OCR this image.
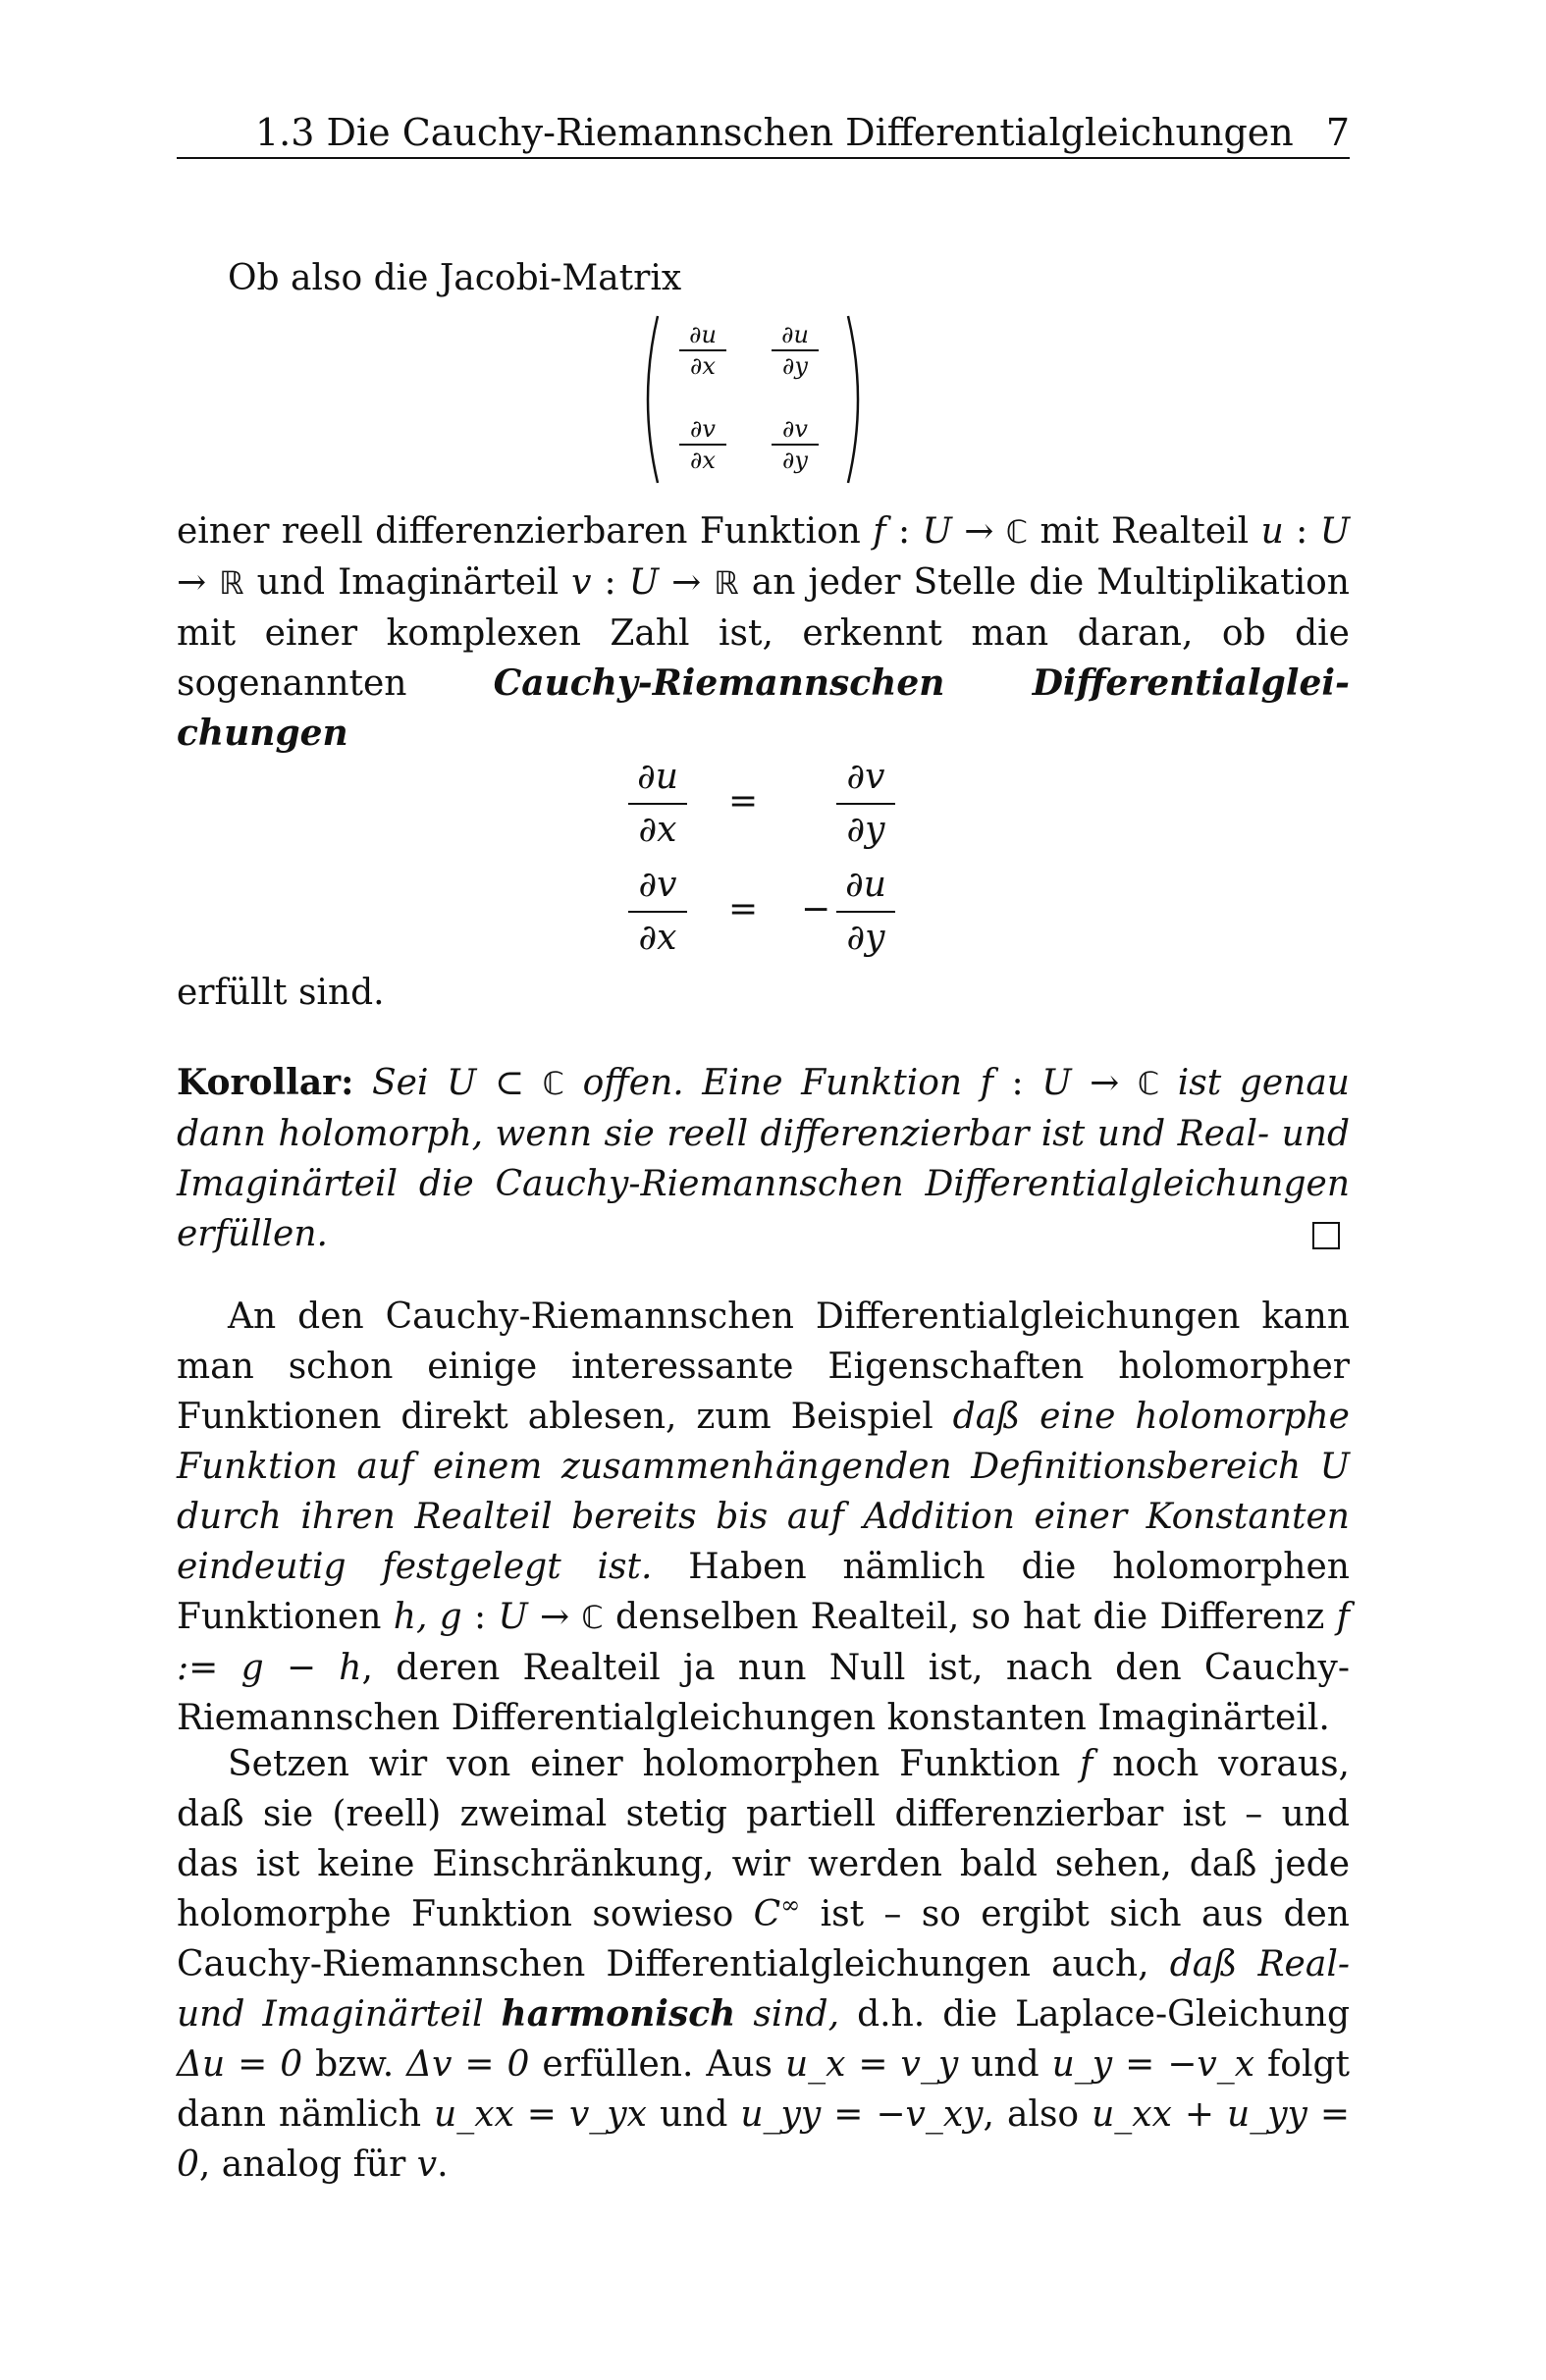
1.3 Die Cauchy-Riemannschen Differentialgleichungen 7
Ob also die Jacobi-Matrix
∂u
∂x
∂u
∂y
∂v
∂x
∂v
∂y
einer reell differenzierbaren Funktion f : U → ℂ mit Realteil u : U → ℝ und Imaginärteil v : U → ℝ an jeder Stelle die Multiplikation mit einer komplexen Zahl ist, erkennt man daran, ob die sogenannten Cauchy-Riemannschen Differentialglei-chungen
∂u
∂x
=
∂v
∂y
∂v
∂x
= −
∂u
∂y
erfüllt sind.
Korollar: Sei U ⊂ ℂ offen. Eine Funktion f : U → ℂ ist genau dann holomorph, wenn sie reell differenzierbar ist und Real- und Imaginärteil die Cauchy-Riemannschen Differentialgleichungen erfüllen.
An den Cauchy-Riemannschen Differentialgleichungen kann man schon einige interessante Eigenschaften holomorpher Funktionen direkt ablesen, zum Beispiel daß eine holomorphe Funktion auf einem zusammenhängenden Definitionsbereich U durch ihren Realteil bereits bis auf Addition einer Konstanten eindeutig festgelegt ist. Haben nämlich die holomorphen Funktionen h, g : U → ℂ denselben Realteil, so hat die Differenz f := g − h, deren Realteil ja nun Null ist, nach den Cauchy-Riemannschen Differentialgleichungen konstanten Imaginärteil.
Setzen wir von einer holomorphen Funktion f noch voraus, daß sie (reell) zweimal stetig partiell differenzierbar ist – und das ist keine Einschränkung, wir werden bald sehen, daß jede holomorphe Funktion sowieso C∞ ist – so ergibt sich aus den Cauchy-Riemannschen Differentialgleichungen auch, daß Real- und Imaginärteil harmonisch sind, d.h. die Laplace-Gleichung Δu = 0 bzw. Δv = 0 erfüllen. Aus u_x = v_y und u_y = −v_x folgt dann nämlich u_xx = v_yx und u_yy = −v_xy, also u_xx + u_yy = 0, analog für v.
